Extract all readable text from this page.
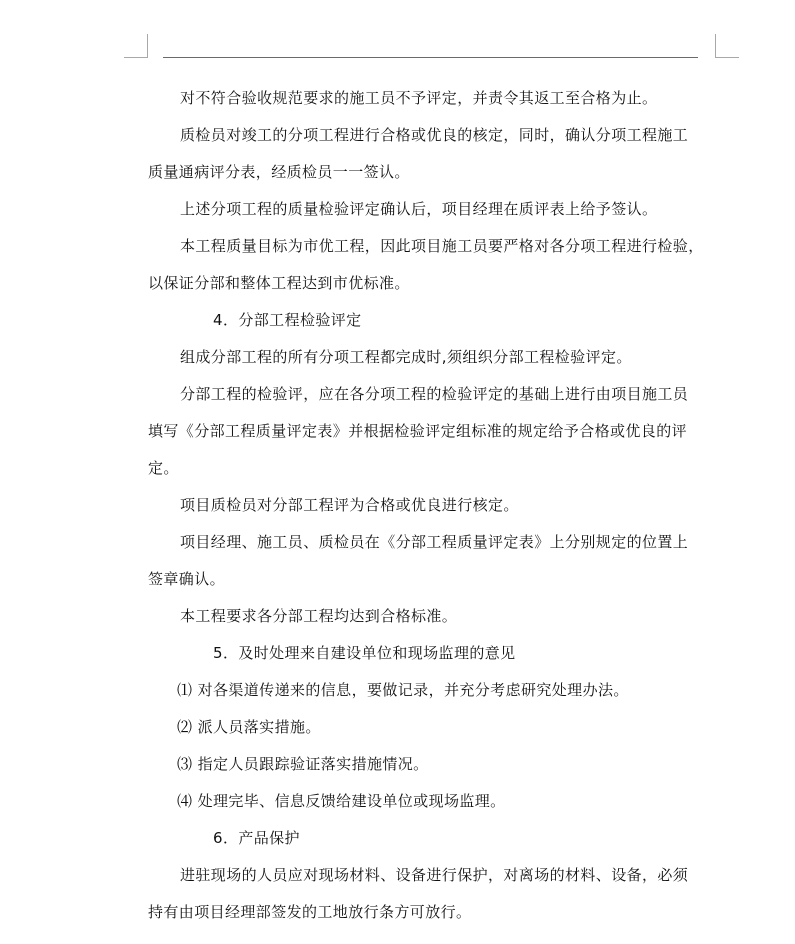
对不符合验收规范要求的施工员不予评定，并责令其返工至合格为止。
质检员对竣工的分项工程进行合格或优良的核定，同时，确认分项工程施工
质量通病评分表，经质检员一一签认。
上述分项工程的质量检验评定确认后，项目经理在质评表上给予签认。
本工程质量目标为市优工程，因此项目施工员要严格对各分项工程进行检验，
以保证分部和整体工程达到市优标准。
4．分部工程检验评定
组成分部工程的所有分项工程都完成时,须组织分部工程检验评定。
分部工程的检验评，应在各分项工程的检验评定的基础上进行由项目施工员
填写《分部工程质量评定表》并根据检验评定组标准的规定给予合格或优良的评
定。
项目质检员对分部工程评为合格或优良进行核定。
项目经理、施工员、质检员在《分部工程质量评定表》上分别规定的位置上
签章确认。
本工程要求各分部工程均达到合格标准。
5．及时处理来自建设单位和现场监理的意见
⑴ 对各渠道传递来的信息，要做记录，并充分考虑研究处理办法。
⑵ 派人员落实措施。
⑶ 指定人员跟踪验证落实措施情况。
⑷ 处理完毕、信息反馈给建设单位或现场监理。
6．产品保护
进驻现场的人员应对现场材料、设备进行保护，对离场的材料、设备，必须
持有由项目经理部签发的工地放行条方可放行。
